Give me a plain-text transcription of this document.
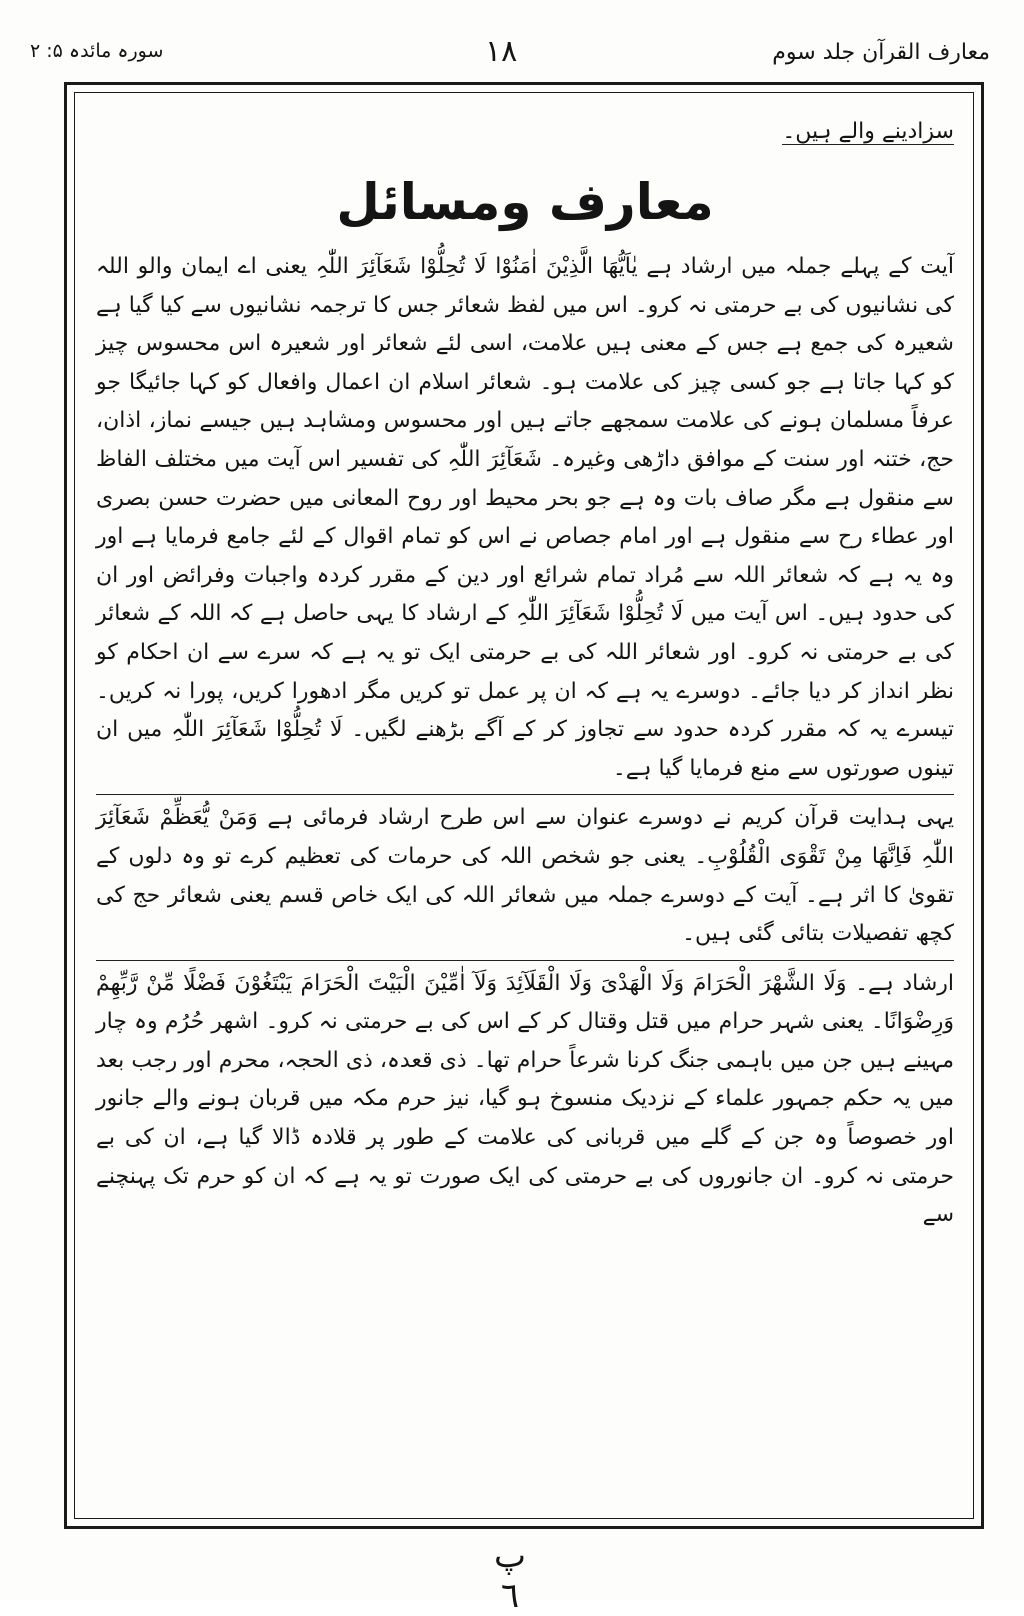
معارف القرآن جلد سوم
١٨
سورہ مائدہ ۵: ۲

سزادینے والے ہیں۔

معارف ومسائل

آیت کے پہلے جملہ میں ارشاد ہے یٰاَیُّھَا الَّذِیْنَ اٰمَنُوْا لَا تُحِلُّوْا شَعَآئِرَ اللّٰہِ یعنی اے ایمان والو اللہ کی نشانیوں کی بے حرمتی نہ کرو۔ اس میں لفظ شعائر جس کا ترجمہ نشانیوں سے کیا گیا ہے شعیرہ کی جمع ہے جس کے معنی ہیں علامت، اسی لئے شعائر اور شعیرہ اس محسوس چیز کو کہا جاتا ہے جو کسی چیز کی علامت ہو۔ شعائر اسلام ان اعمال وافعال کو کہا جائیگا جو عرفاً مسلمان ہونے کی علامت سمجھے جاتے ہیں اور محسوس ومشاہد ہیں جیسے نماز، اذان، حج، ختنہ اور سنت کے موافق داڑھی وغیرہ۔ شَعَآئِرَ اللّٰہِ کی تفسیر اس آیت میں مختلف الفاظ سے منقول ہے مگر صاف بات وہ ہے جو بحر محیط اور روح المعانی میں حضرت حسن بصری اور عطاء رح سے منقول ہے اور امام جصاص نے اس کو تمام اقوال کے لئے جامع فرمایا ہے اور وہ یہ ہے کہ شعائر اللہ سے مُراد تمام شرائع اور دین کے مقرر کردہ واجبات وفرائض اور ان کی حدود ہیں۔ اس آیت میں لَا تُحِلُّوْا شَعَآئِرَ اللّٰہِ کے ارشاد کا یہی حاصل ہے کہ اللہ کے شعائر کی بے حرمتی نہ کرو۔ اور شعائر اللہ کی بے حرمتی ایک تو یہ ہے کہ سرے سے ان احکام کو نظر انداز کر دیا جائے۔ دوسرے یہ ہے کہ ان پر عمل تو کریں مگر ادھورا کریں، پورا نہ کریں۔ تیسرے یہ کہ مقرر کردہ حدود سے تجاوز کر کے آگے بڑھنے لگیں۔ لَا تُحِلُّوْا شَعَآئِرَ اللّٰہِ میں ان تینوں صورتوں سے منع فرمایا گیا ہے۔

یہی ہدایت قرآن کریم نے دوسرے عنوان سے اس طرح ارشاد فرمائی ہے وَمَنْ یُّعَظِّمْ شَعَآئِرَ اللّٰہِ فَاِنَّھَا مِنْ تَقْوَی الْقُلُوْبِ۔ یعنی جو شخص اللہ کی حرمات کی تعظیم کرے تو وہ دلوں کے تقویٰ کا اثر ہے۔ آیت کے دوسرے جملہ میں شعائر اللہ کی ایک خاص قسم یعنی شعائر حج کی کچھ تفصیلات بتائی گئی ہیں۔

ارشاد ہے۔ وَلَا الشَّھْرَ الْحَرَامَ وَلَا الْھَدْیَ وَلَا الْقَلَآئِدَ وَلَآ اٰمِّیْنَ الْبَیْتَ الْحَرَامَ یَبْتَغُوْنَ فَضْلًا مِّنْ رَّبِّھِمْ وَرِضْوَانًا۔ یعنی شہر حرام میں قتل وقتال کر کے اس کی بے حرمتی نہ کرو۔ اشھر حُرُم وہ چار مہینے ہیں جن میں باہمی جنگ کرنا شرعاً حرام تھا۔ ذی قعدہ، ذی الحجہ، محرم اور رجب بعد میں یہ حکم جمہور علماء کے نزدیک منسوخ ہو گیا، نیز حرم مکہ میں قربان ہونے والے جانور اور خصوصاً وہ جن کے گلے میں قربانی کی علامت کے طور پر قلادہ ڈالا گیا ہے، ان کی بے حرمتی نہ کرو۔ ان جانوروں کی بے حرمتی کی ایک صورت تو یہ ہے کہ ان کو حرم تک پہنچنے سے

پ ٦
